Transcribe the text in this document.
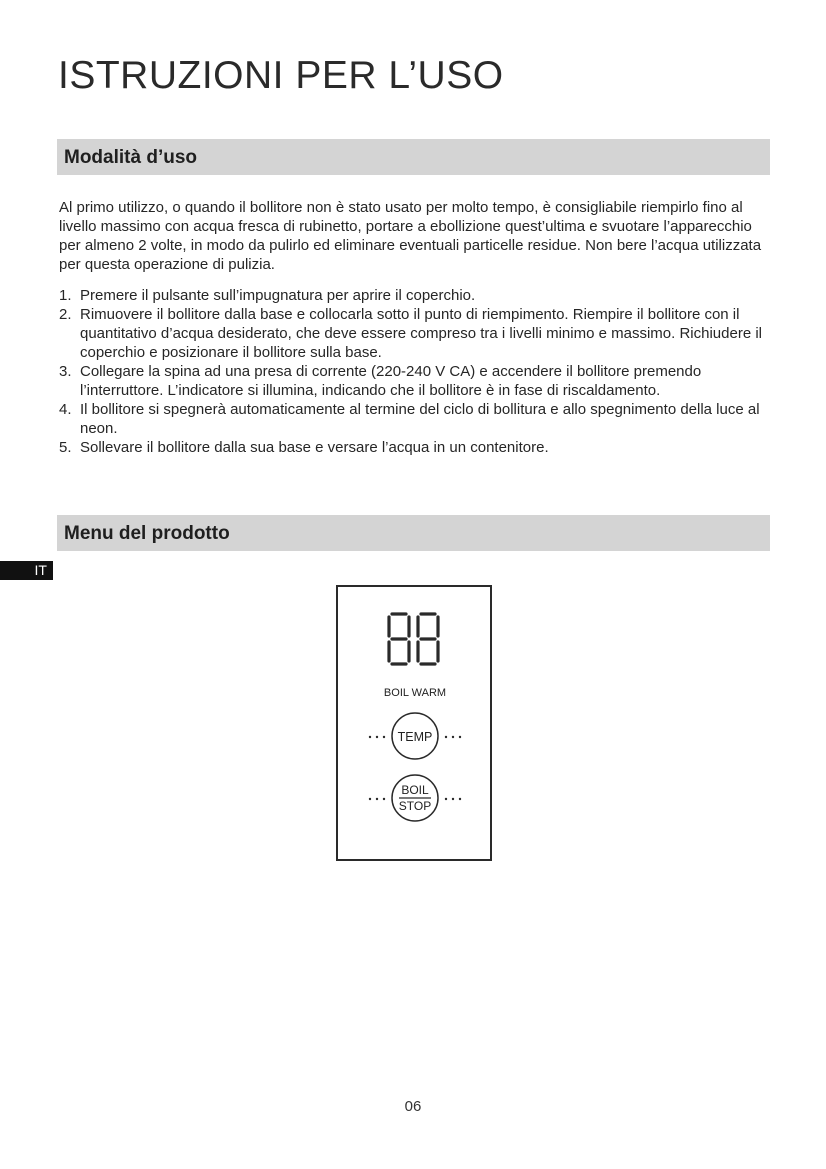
ISTRUZIONI PER L’USO
Modalità d’uso

Al primo utilizzo, o quando il bollitore non è stato usato per molto tempo, è consigliabile riempirlo fino al livello massimo con acqua fresca di rubinetto, portare a ebollizione quest’ultima e svuotare l’apparecchio per almeno 2 volte, in modo da pulirlo ed eliminare eventuali particelle residue. Non bere l’acqua utilizzata per questa operazione di pulizia.

1. Premere il pulsante sull’impugnatura per aprire il coperchio.
2. Rimuovere il bollitore dalla base e collocarla sotto il punto di riempimento. Riempire il bollitore con il quantitativo d’acqua desiderato, che deve essere compreso tra i livelli minimo e massimo. Richiudere il coperchio e posizionare il bollitore sulla base.
3. Collegare la spina ad una presa di corrente (220-240 V CA) e accendere il bollitore premendo l’interruttore. L’indicatore si illumina, indicando che il bollitore è in fase di riscaldamento.
4. Il bollitore si spegnerà automaticamente al termine del ciclo di bollitura e allo spegnimento della luce al neon.
5. Sollevare il bollitore dalla sua base e versare l’acqua in un contenitore.
Menu del prodotto
IT
BOIL WARM
TEMP
BOIL
STOP
06
